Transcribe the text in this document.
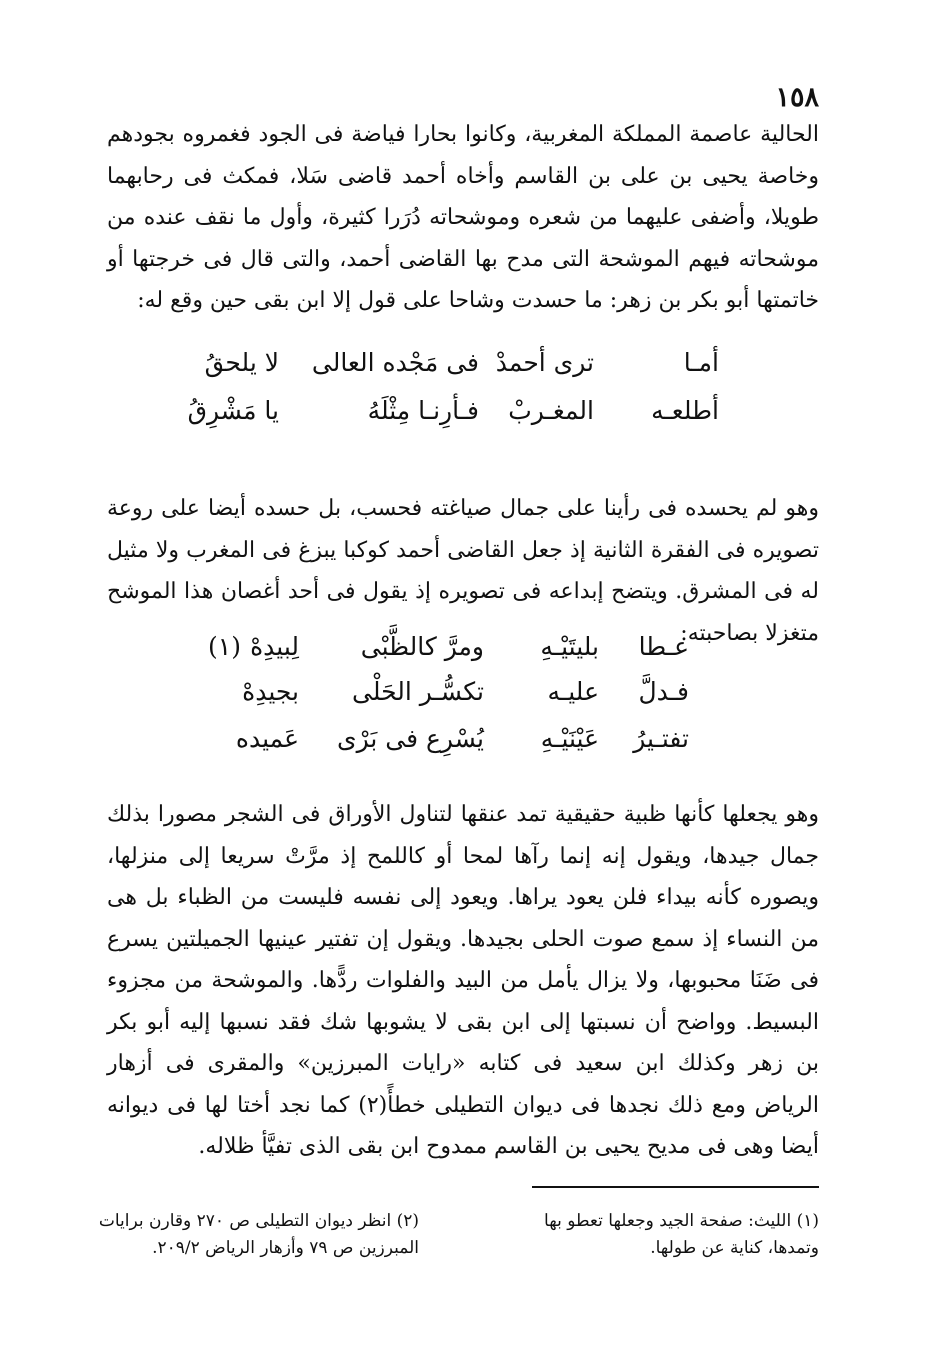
١٥٨

الحالية عاصمة المملكة المغربية، وكانوا بحارا فياضة فى الجود فغمروه بجودهم وخاصة يحيى بن على بن القاسم وأخاه أحمد قاضى سَلا، فمكث فى رحابهما طويلا، وأضفى عليهما من شعره وموشحاته دُرَرا كثيرة، وأول ما نقف عنده من موشحاته فيهم الموشحة التى مدح بها القاضى أحمد، والتى قال فى خرجتها أو خاتمتها أبو بكر بن زهر: ما حسدت وشاحا على قول إلا ابن بقى حين وقع له:

أمـا
ترى أحمدْ
فى مَجْده العالى
لا يلحقُ
أطلعـه
المغـربْ
فـأرِنـا مِثْلَهُ
يا مَشْرِقُ

وهو لم يحسده فى رأينا على جمال صياغته فحسب، بل حسده أيضا على روعة تصويره فى الفقرة الثانية إذ جعل القاضى أحمد كوكبا يبزغ فى المغرب ولا مثيل له فى المشرق. ويتضح إبداعه فى تصويره إذ يقول فى أحد أغصان هذا الموشح متغزلا بصاحبته:

عـطا
بليتَيْـهِ
ومرَّ كالظَّبْى
لِبيدِهْ
(١)
فـدلَّ
عليـه
تكسُّـر الحَلْى
بجيدِهْ
تفتـيرُ
عَيْنَيْـهِ
يُسْرِع فى بَرْى
عَميده

وهو يجعلها كأنها ظبية حقيقية تمد عنقها لتناول الأوراق فى الشجر مصورا بذلك جمال جيدها، ويقول إنه إنما رآها لمحا أو كاللمح إذ مرَّتْ سريعا إلى منزلها، ويصوره كأنه بيداء فلن يعود يراها. ويعود إلى نفسه فليست من الظباء بل هى من النساء إذ سمع صوت الحلى بجيدها. ويقول إن تفتير عينيها الجميلتين يسرع فى ضَنَا محبوبها، ولا يزال يأمل من البيد والفلوات ردًّها. والموشحة من مجزوء البسيط. وواضح أن نسبتها إلى ابن بقى لا يشوبها شك فقد نسبها إليه أبو بكر بن زهر وكذلك ابن سعيد فى كتابه «رايات المبرزين» والمقرى فى أزهار الرياض ومع ذلك نجدها فى ديوان التطيلى خطأً(٢) كما نجد أختا لها فى ديوانه أيضا وهى فى مديح يحيى بن القاسم ممدوح ابن بقى الذى تفيَّأ ظلاله.

(١) الليث: صفحة الجيد وجعلها تعطو بها وتمدها، كناية عن طولها.

(٢) انظر ديوان التطيلى ص ٢٧٠ وقارن برايات المبرزين ص ٧٩ وأزهار الرياض ٢٠٩/٢.
